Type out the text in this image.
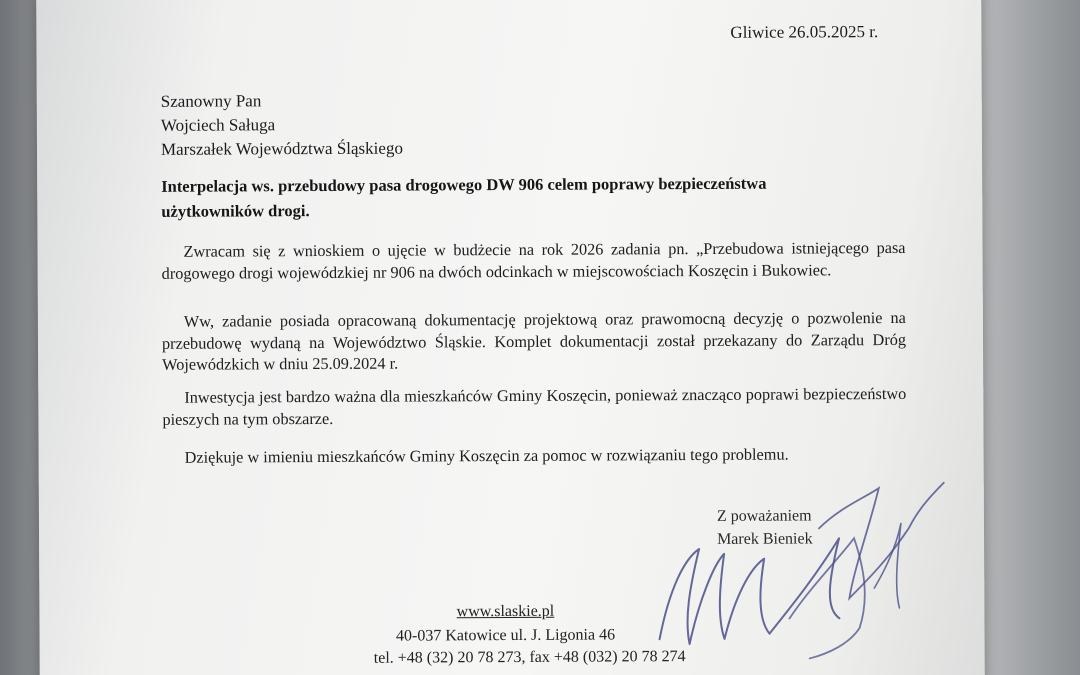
Gliwice 26.05.2025 r.
Szanowny Pan
Wojciech Saługa
Marszałek Województwa Śląskiego
Interpelacja ws. przebudowy pasa drogowego DW 906 celem poprawy bezpieczeństwa użytkowników drogi.
Zwracam się z wnioskiem o ujęcie w budżecie na rok 2026 zadania pn. „Przebudowa istniejącego pasa drogowego drogi wojewódzkiej nr 906 na dwóch odcinkach w miejscowościach Koszęcin i Bukowiec.
Ww, zadanie posiada opracowaną dokumentację projektową oraz prawomocną decyzję o pozwolenie na przebudowę wydaną na Województwo Śląskie. Komplet dokumentacji został przekazany do Zarządu Dróg Wojewódzkich w dniu 25.09.2024 r.
Inwestycja jest bardzo ważna dla mieszkańców Gminy Koszęcin, ponieważ znacząco poprawi bezpieczeństwo pieszych na tym obszarze.
Dziękuje w imieniu mieszkańców Gminy Koszęcin za pomoc w rozwiązaniu tego problemu.
Z poważaniem
Marek Bieniek
www.slaskie.pl
40-037 Katowice ul. J. Ligonia 46
tel. +48 (32) 20 78 273, fax +48 (032) 20 78 274
